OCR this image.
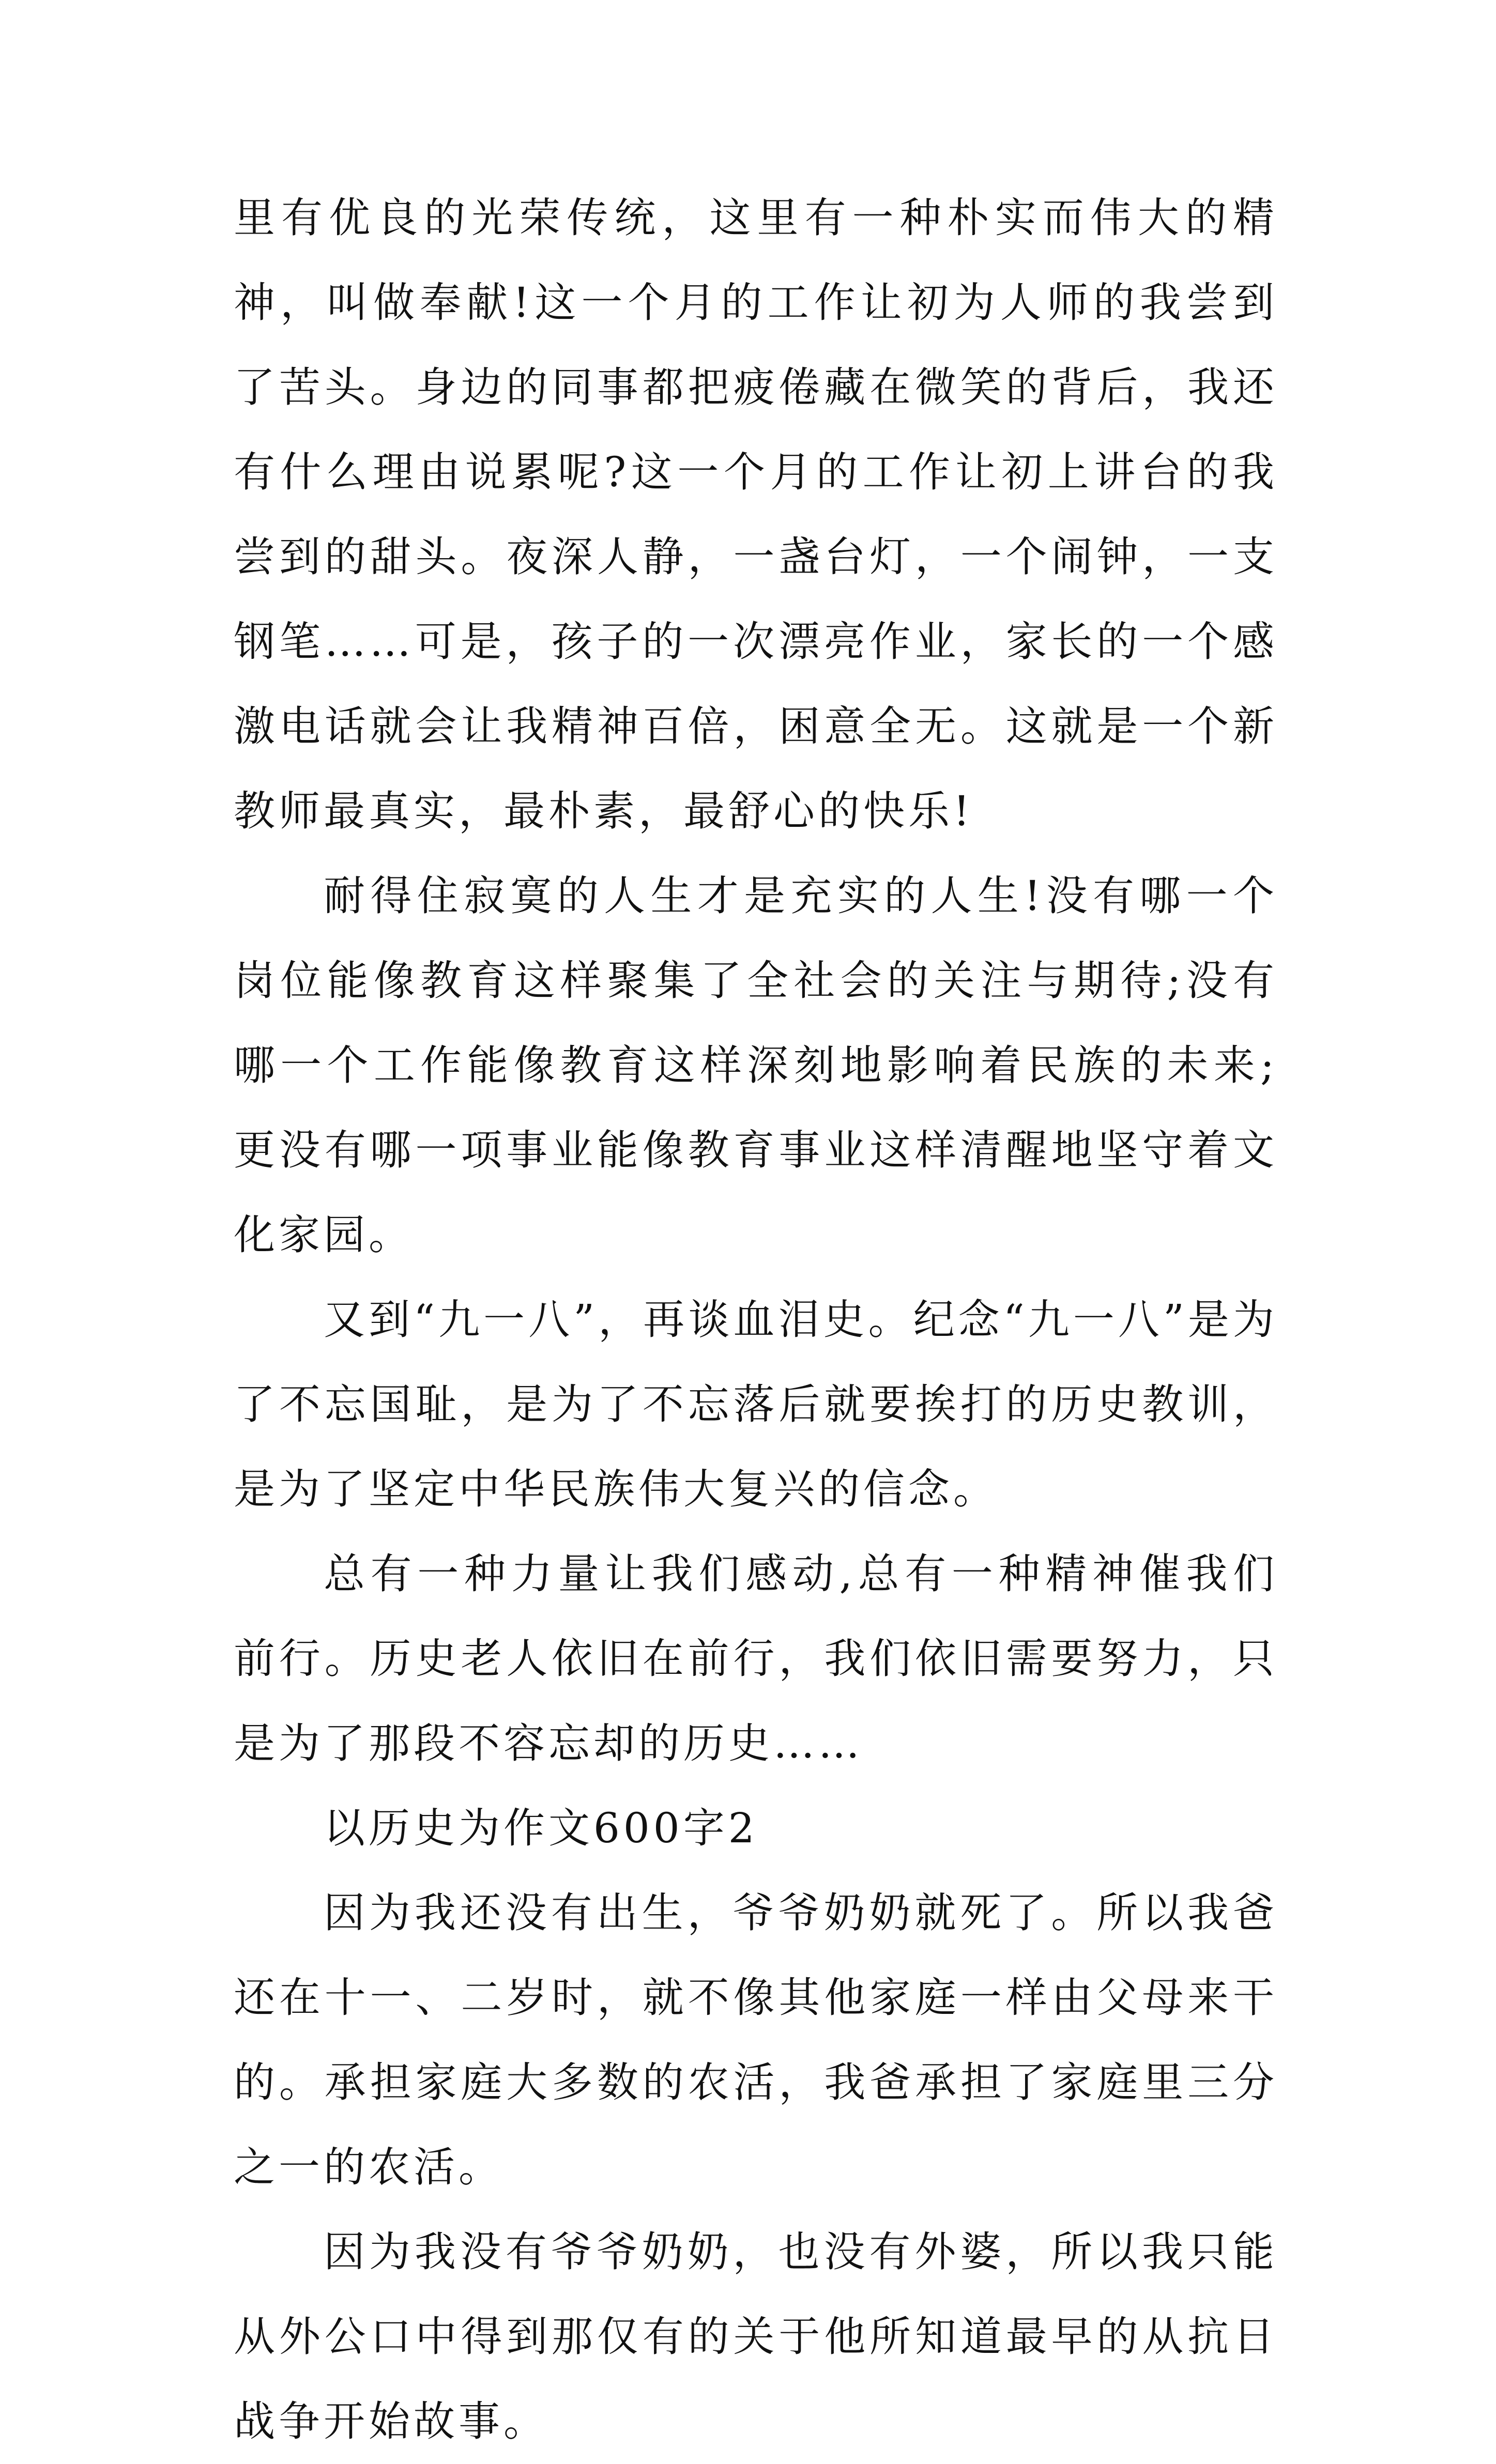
里有优良的光荣传统，这里有一种朴实而伟大的精神，叫做奉献!这一个月的工作让初为人师的我尝到了苦头。身边的同事都把疲倦藏在微笑的背后，我还有什么理由说累呢?这一个月的工作让初上讲台的我尝到的甜头。夜深人静，一盏台灯，一个闹钟，一支钢笔……可是，孩子的一次漂亮作业，家长的一个感激电话就会让我精神百倍，困意全无。这就是一个新教师最真实，最朴素，最舒心的快乐!

耐得住寂寞的人生才是充实的人生!没有哪一个岗位能像教育这样聚集了全社会的关注与期待;没有哪一个工作能像教育这样深刻地影响着民族的未来;更没有哪一项事业能像教育事业这样清醒地坚守着文化家园。

又到“九一八”，再谈血泪史。纪念“九一八”是为了不忘国耻，是为了不忘落后就要挨打的历史教训，是为了坚定中华民族伟大复兴的信念。

总有一种力量让我们感动,总有一种精神催我们前行。历史老人依旧在前行，我们依旧需要努力，只是为了那段不容忘却的历史……

以历史为作文600字2

因为我还没有出生，爷爷奶奶就死了。所以我爸还在十一、二岁时，就不像其他家庭一样由父母来干的。承担家庭大多数的农活，我爸承担了家庭里三分之一的农活。

因为我没有爷爷奶奶，也没有外婆，所以我只能从外公口中得到那仅有的关于他所知道最早的从抗日战争开始故事。
